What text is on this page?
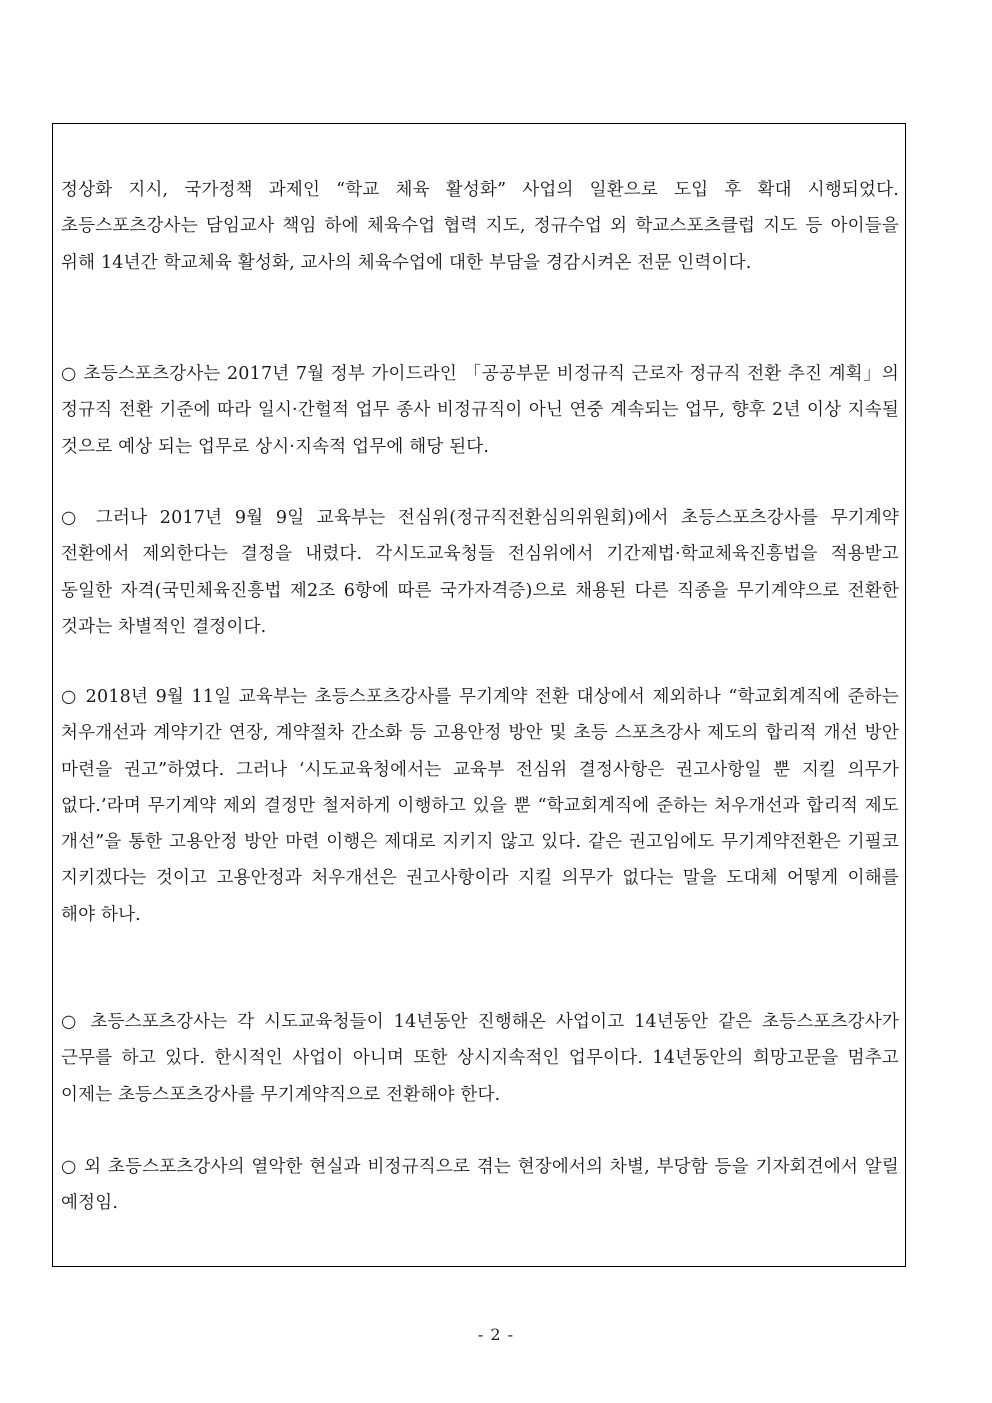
정상화 지시, 국가정책 과제인 “학교 체육 활성화” 사업의 일환으로 도입 후 확대 시행되었다. 초등스포츠강사는 담임교사 책임 하에 체육수업 협력 지도, 정규수업 외 학교스포츠클럽 지도 등 아이들을 위해 14년간 학교체육 활성화, 교사의 체육수업에 대한 부담을 경감시켜온 전문 인력이다.

○ 초등스포츠강사는 2017년 7월 정부 가이드라인 「공공부문 비정규직 근로자 정규직 전환 추진 계획」의 정규직 전환 기준에 따라 일시·간헐적 업무 종사 비정규직이 아닌 연중 계속되는 업무, 향후 2년 이상 지속될 것으로 예상 되는 업무로 상시·지속적 업무에 해당 된다.

○ 그러나 2017년 9월 9일 교육부는 전심위(정규직전환심의위원회)에서 초등스포츠강사를 무기계약 전환에서 제외한다는 결정을 내렸다. 각시도교육청들 전심위에서 기간제법·학교체육진흥법을 적용받고 동일한 자격(국민체육진흥법 제2조 6항에 따른 국가자격증)으로 채용된 다른 직종을 무기계약으로 전환한 것과는 차별적인 결정이다.

○ 2018년 9월 11일 교육부는 초등스포츠강사를 무기계약 전환 대상에서 제외하나 “학교회계직에 준하는 처우개선과 계약기간 연장, 계약절차 간소화 등 고용안정 방안 및 초등 스포츠강사 제도의 합리적 개선 방안 마련을 권고”하였다. 그러나 ‘시도교육청에서는 교육부 전심위 결정사항은 권고사항일 뿐 지킬 의무가 없다.’라며 무기계약 제외 결정만 철저하게 이행하고 있을 뿐 “학교회계직에 준하는 처우개선과 합리적 제도 개선”을 통한 고용안정 방안 마련 이행은 제대로 지키지 않고 있다. 같은 권고임에도 무기계약전환은 기필코 지키겠다는 것이고 고용안정과 처우개선은 권고사항이라 지킬 의무가 없다는 말을 도대체 어떻게 이해를 해야 하나.

○ 초등스포츠강사는 각 시도교육청들이 14년동안 진행해온 사업이고 14년동안 같은 초등스포츠강사가 근무를 하고 있다. 한시적인 사업이 아니며 또한 상시지속적인 업무이다. 14년동안의 희망고문을 멈추고 이제는 초등스포츠강사를 무기계약직으로 전환해야 한다.

○ 외 초등스포츠강사의 열악한 현실과 비정규직으로 겪는 현장에서의 차별, 부당함 등을 기자회견에서 알릴 예정임.

- 2 -
